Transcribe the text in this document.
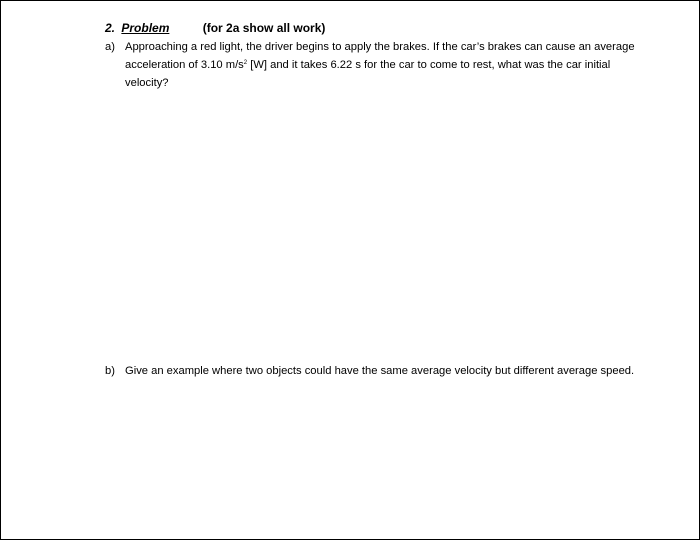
2. Problem	(for 2a show all work)
a) Approaching a red light, the driver begins to apply the brakes. If the car’s brakes can cause an average acceleration of 3.10 $m/s^2$ [W] and it takes 6.22 s for the car to come to rest, what was the car initial velocity?
b) Give an example where two objects could have the same average velocity but different average speed.
